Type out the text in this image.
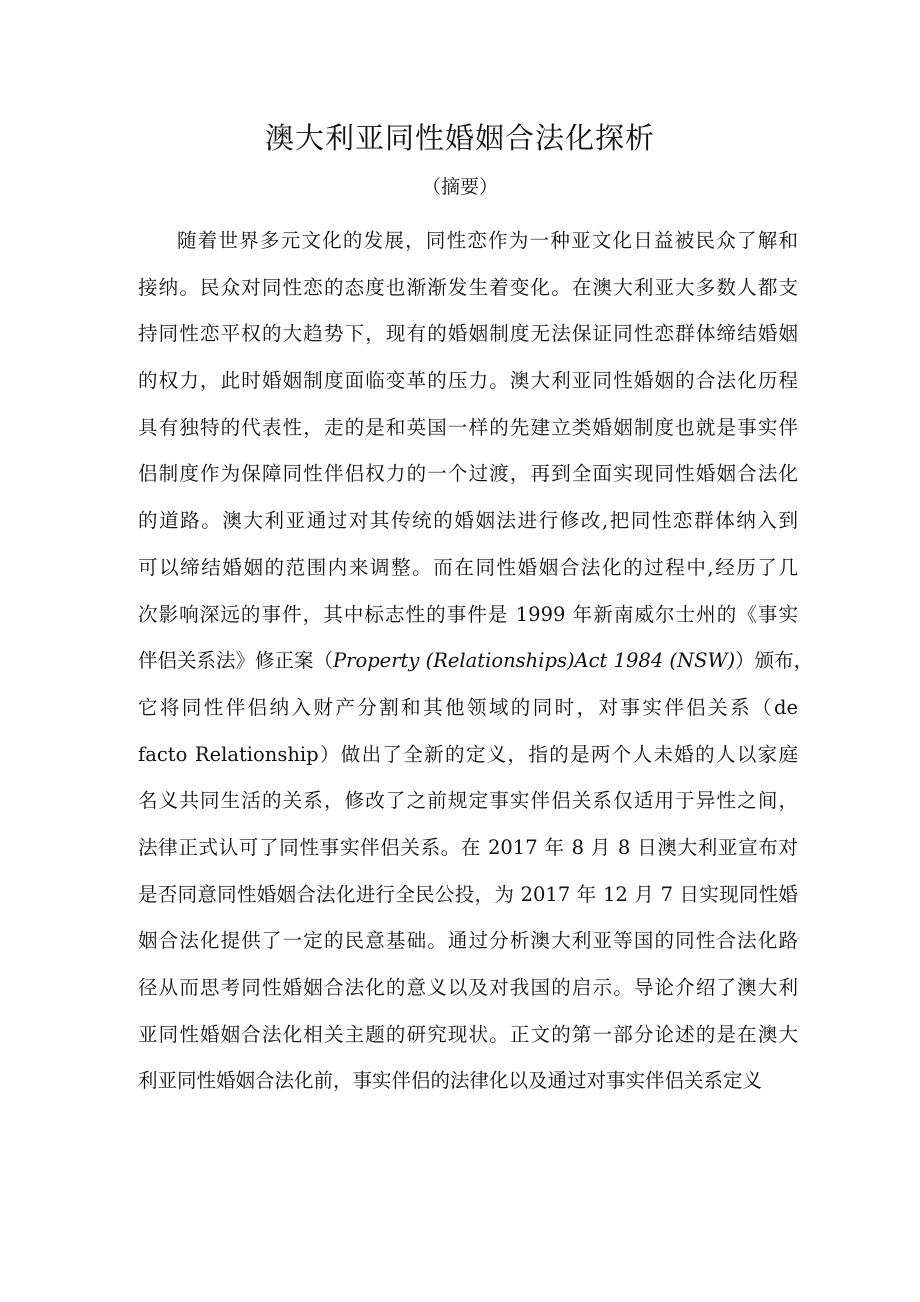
澳大利亚同性婚姻合法化探析

（摘要）

随着世界多元文化的发展，同性恋作为一种亚文化日益被民众了解和
接纳。民众对同性恋的态度也渐渐发生着变化。在澳大利亚大多数人都支
持同性恋平权的大趋势下，现有的婚姻制度无法保证同性恋群体缔结婚姻
的权力，此时婚姻制度面临变革的压力。澳大利亚同性婚姻的合法化历程
具有独特的代表性，走的是和英国一样的先建立类婚姻制度也就是事实伴
侣制度作为保障同性伴侣权力的一个过渡，再到全面实现同性婚姻合法化
的道路。澳大利亚通过对其传统的婚姻法进行修改,把同性恋群体纳入到
可以缔结婚姻的范围内来调整。而在同性婚姻合法化的过程中,经历了几
次影响深远的事件，其中标志性的事件是 1999 年新南威尔士州的《事实
伴侣关系法》修正案（Property (Relationships)Act 1984 (NSW)）颁布，
它将同性伴侣纳入财产分割和其他领域的同时，对事实伴侣关系（de
facto Relationship）做出了全新的定义，指的是两个人未婚的人以家庭
名义共同生活的关系，修改了之前规定事实伴侣关系仅适用于异性之间，
法律正式认可了同性事实伴侣关系。在 2017 年 8 月 8 日澳大利亚宣布对
是否同意同性婚姻合法化进行全民公投，为 2017 年 12 月 7 日实现同性婚
姻合法化提供了一定的民意基础。通过分析澳大利亚等国的同性合法化路
径从而思考同性婚姻合法化的意义以及对我国的启示。导论介绍了澳大利
亚同性婚姻合法化相关主题的研究现状。正文的第一部分论述的是在澳大
利亚同性婚姻合法化前，事实伴侣的法律化以及通过对事实伴侣关系定义
